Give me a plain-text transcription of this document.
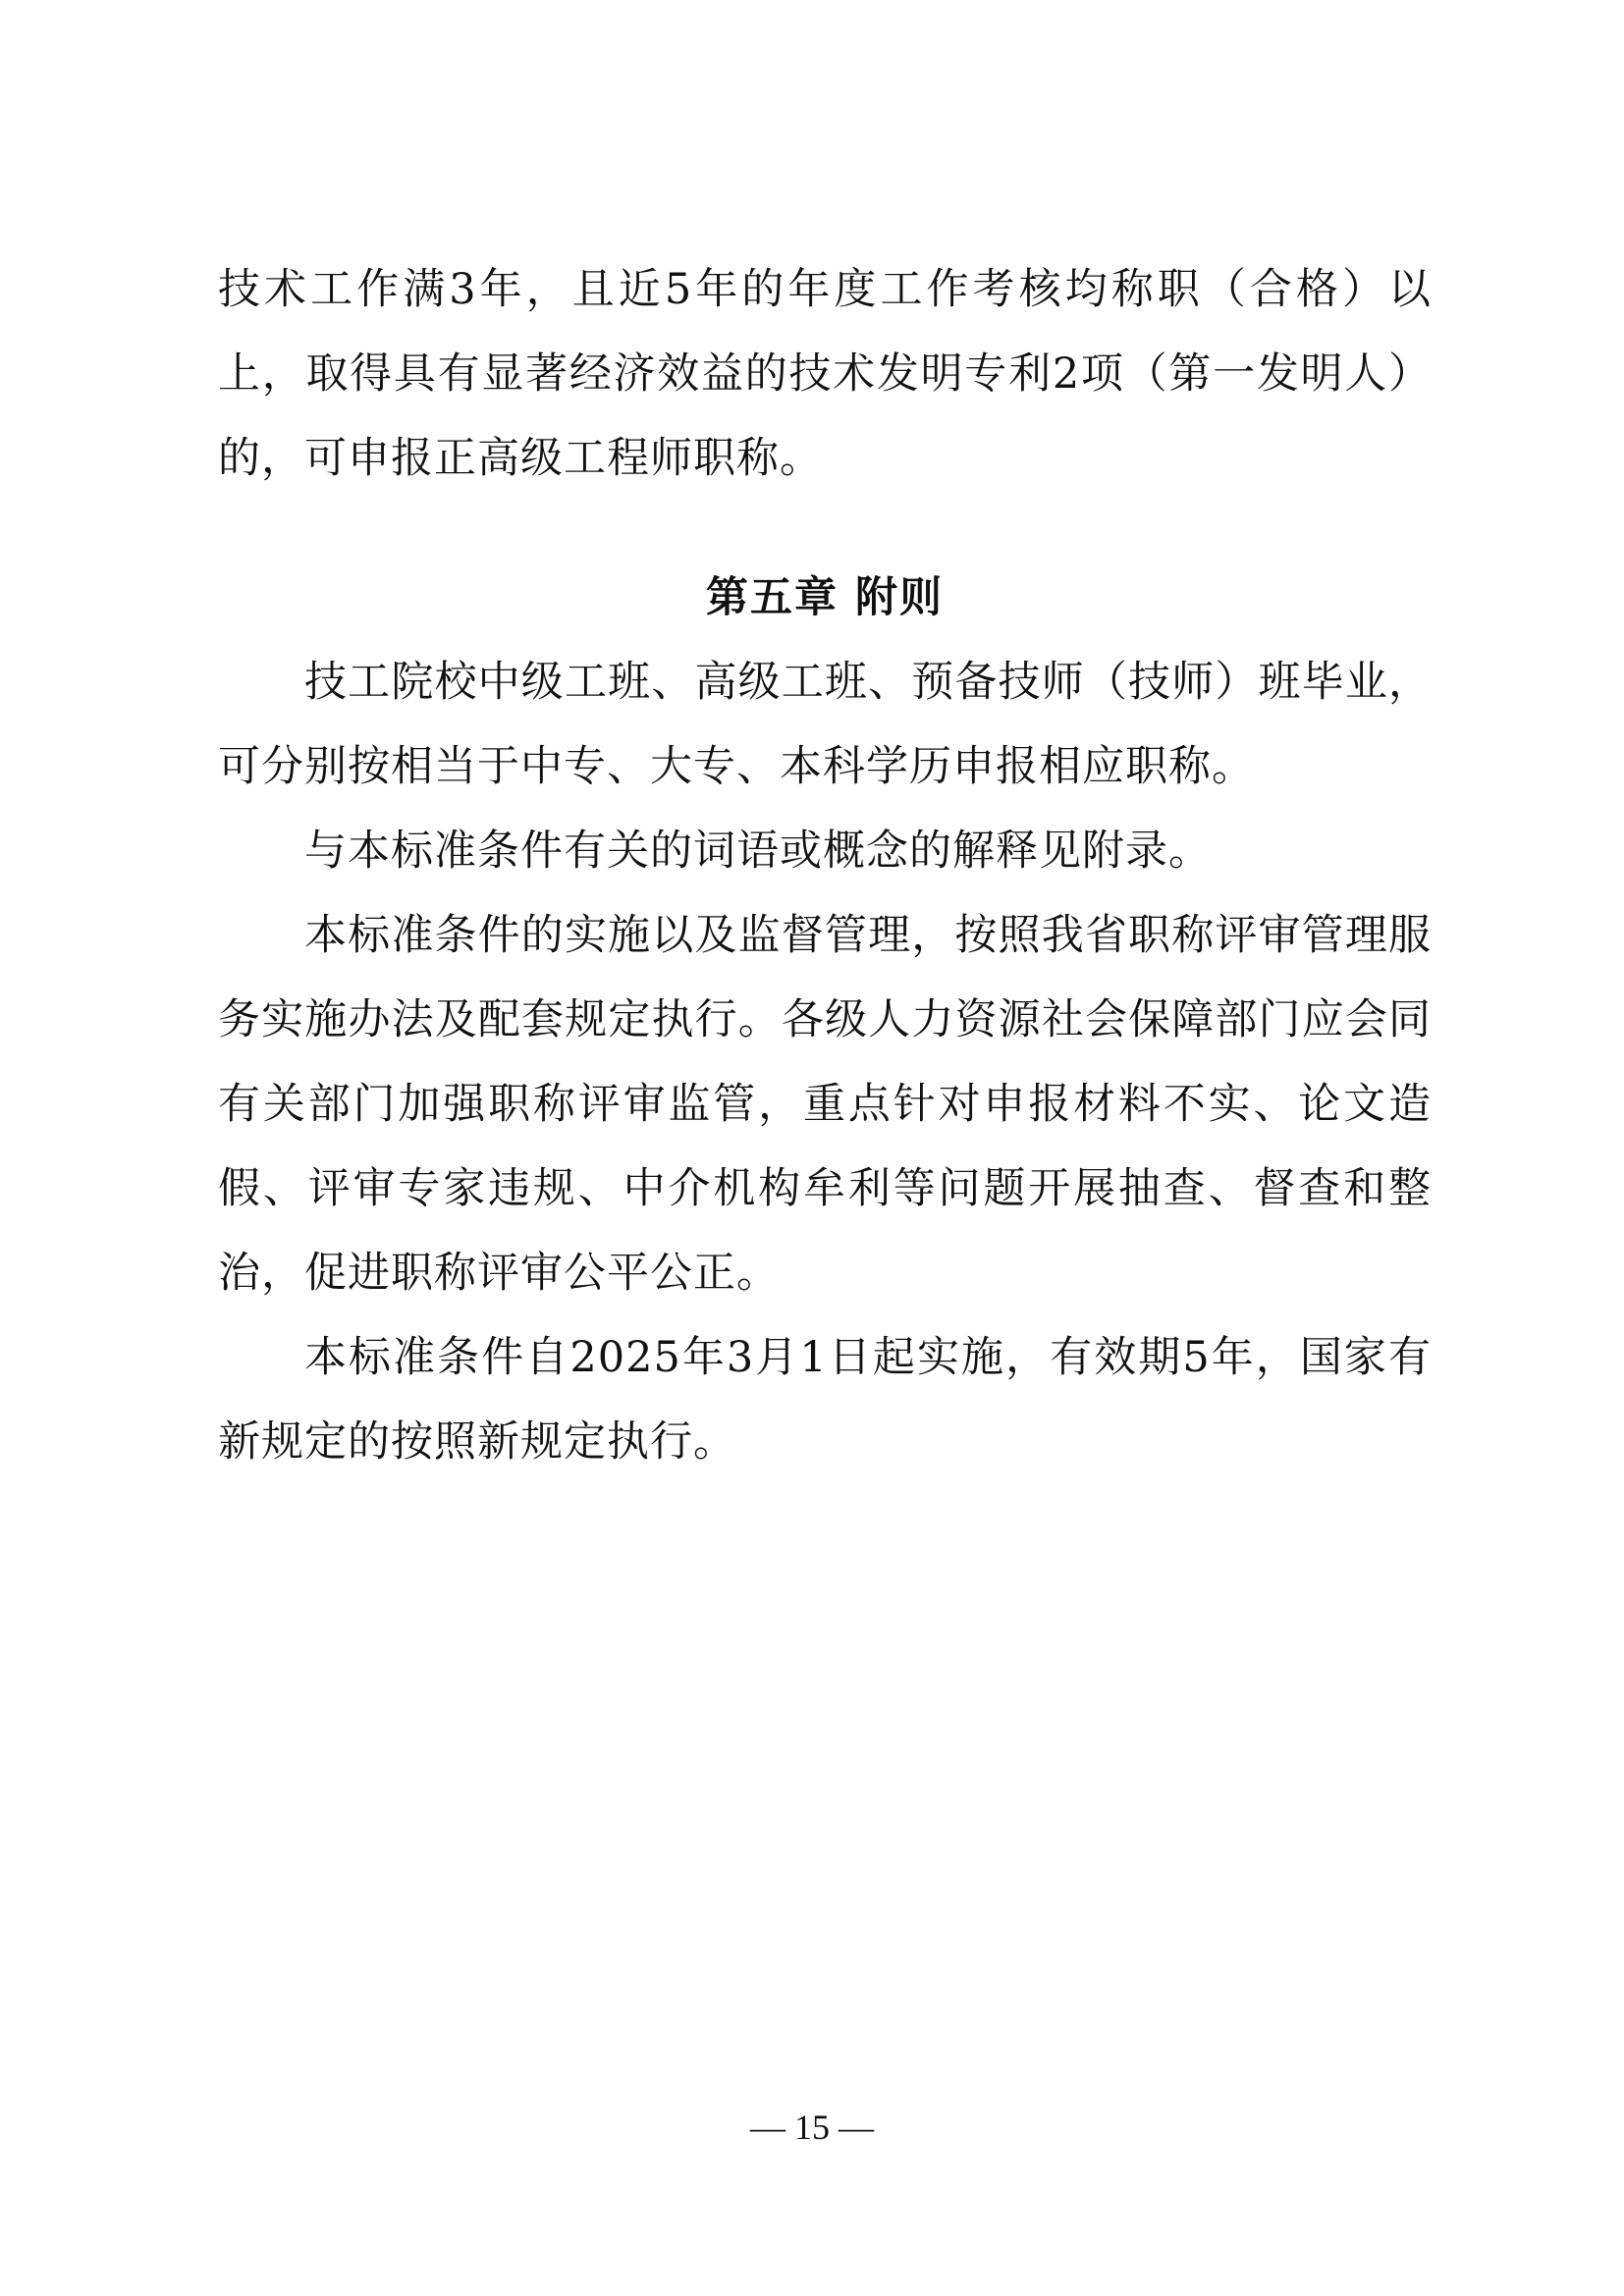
技术工作满3年，且近5年的年度工作考核均称职（合格）以上，取得具有显著经济效益的技术发明专利2项（第一发明人）的，可申报正高级工程师职称。

第五章 附则

技工院校中级工班、高级工班、预备技师（技师）班毕业，可分别按相当于中专、大专、本科学历申报相应职称。

与本标准条件有关的词语或概念的解释见附录。

本标准条件的实施以及监督管理，按照我省职称评审管理服务实施办法及配套规定执行。各级人力资源社会保障部门应会同有关部门加强职称评审监管，重点针对申报材料不实、论文造假、评审专家违规、中介机构牟利等问题开展抽查、督查和整治，促进职称评审公平公正。

本标准条件自2025年3月1日起实施，有效期5年，国家有新规定的按照新规定执行。

— 15 —
